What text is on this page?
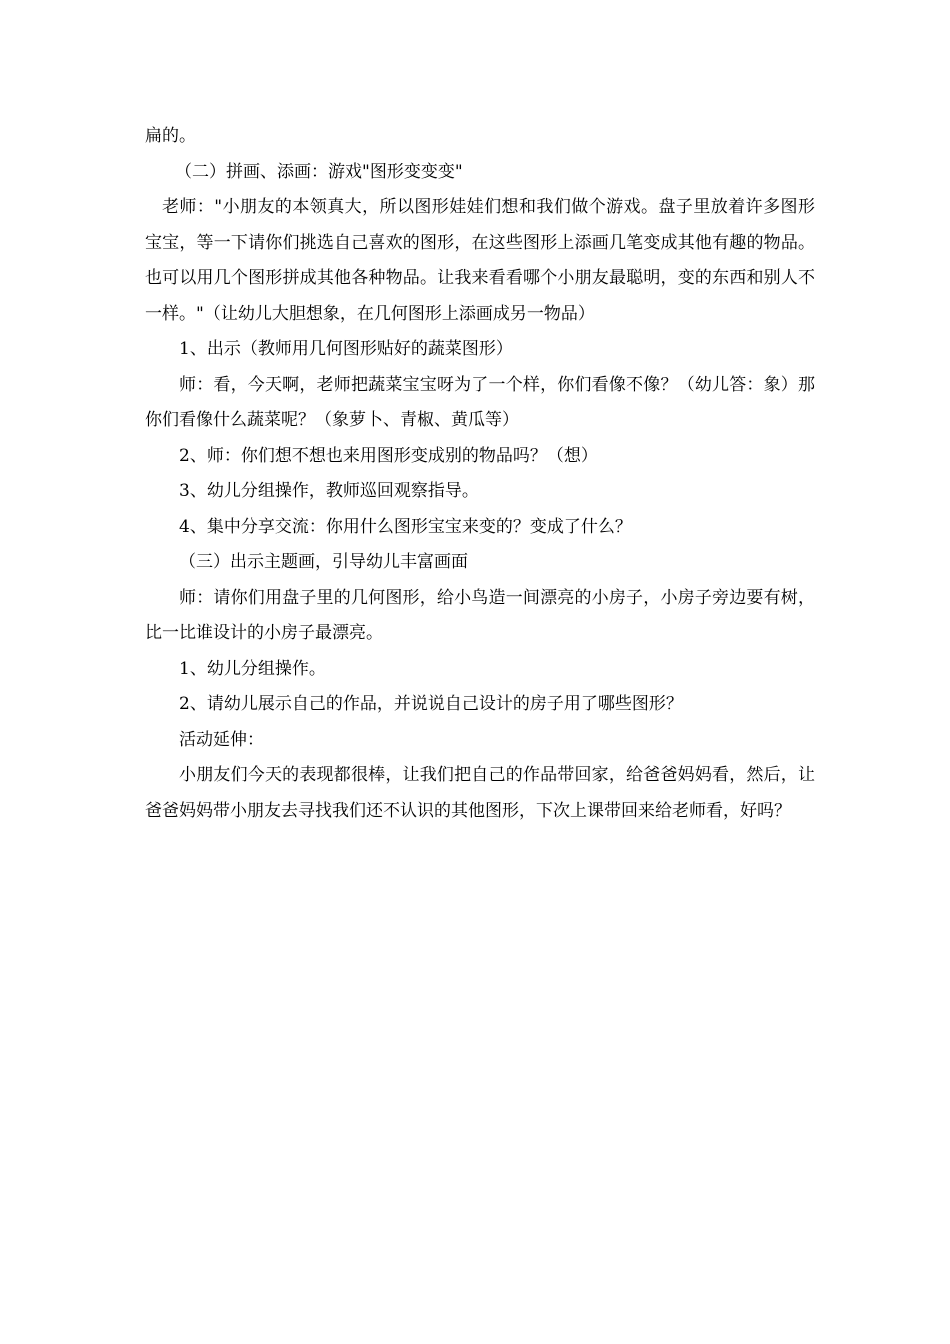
扁的。

（二）拼画、添画：游戏"图形变变变"

老师："小朋友的本领真大，所以图形娃娃们想和我们做个游戏。盘子里放着许多图形宝宝，等一下请你们挑选自己喜欢的图形，在这些图形上添画几笔变成其他有趣的物品。也可以用几个图形拼成其他各种物品。让我来看看哪个小朋友最聪明，变的东西和别人不一样。"（让幼儿大胆想象，在几何图形上添画成另一物品）

1、出示（教师用几何图形贴好的蔬菜图形）

师：看，今天啊，老师把蔬菜宝宝呀为了一个样，你们看像不像？（幼儿答：象）那你们看像什么蔬菜呢？（象萝卜、青椒、黄瓜等）

2、师：你们想不想也来用图形变成别的物品吗？（想）

3、幼儿分组操作，教师巡回观察指导。

4、集中分享交流：你用什么图形宝宝来变的？变成了什么？

（三）出示主题画，引导幼儿丰富画面

师：请你们用盘子里的几何图形，给小鸟造一间漂亮的小房子，小房子旁边要有树，比一比谁设计的小房子最漂亮。

1、幼儿分组操作。

2、请幼儿展示自己的作品，并说说自己设计的房子用了哪些图形？

活动延伸：

小朋友们今天的表现都很棒，让我们把自己的作品带回家，给爸爸妈妈看，然后，让爸爸妈妈带小朋友去寻找我们还不认识的其他图形，下次上课带回来给老师看，好吗？
